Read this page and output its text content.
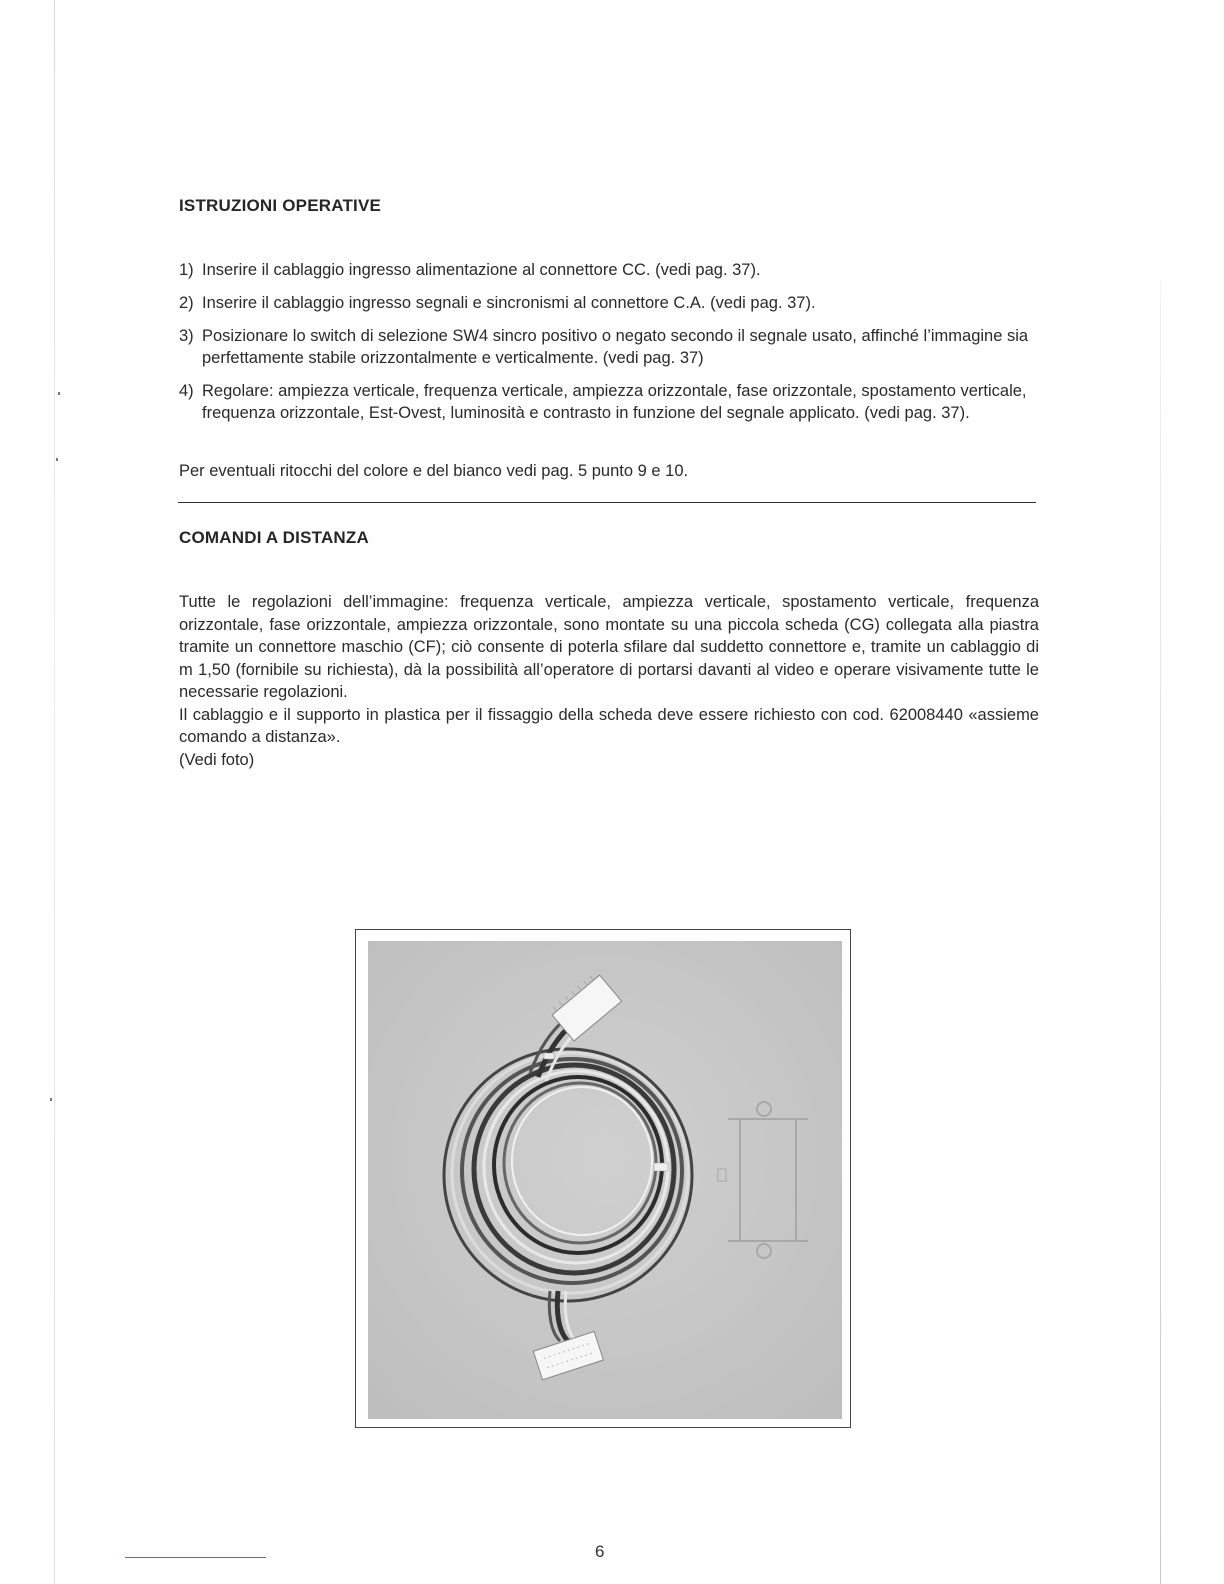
ISTRUZIONI OPERATIVE
1) Inserire il cablaggio ingresso alimentazione al connettore CC. (vedi pag. 37).
2) Inserire il cablaggio ingresso segnali e sincronismi al connettore C.A. (vedi pag. 37).
3) Posizionare lo switch di selezione SW4 sincro positivo o negato secondo il segnale usato, affinché l’immagine sia perfettamente stabile orizzontalmente e verticalmente. (vedi pag. 37)
4) Regolare: ampiezza verticale, frequenza verticale, ampiezza orizzontale, fase orizzontale, spostamento verticale, frequenza orizzontale, Est-Ovest, luminosità e contrasto in funzione del segnale applicato. (vedi pag. 37).

Per eventuali ritocchi del colore e del bianco vedi pag. 5 punto 9 e 10.

COMANDI A DISTANZA

Tutte le regolazioni dell’immagine: frequenza verticale, ampiezza verticale, spostamento verticale, frequenza orizzontale, fase orizzontale, ampiezza orizzontale, sono montate su una piccola scheda (CG) collegata alla piastra tramite un connettore maschio (CF); ciò consente di poterla sfilare dal suddetto connettore e, tramite un cablaggio di m 1,50 (fornibile su richiesta), dà la possibilità all’operatore di portarsi davanti al video e operare visivamente tutte le necessarie regolazioni.

Il cablaggio e il supporto in plastica per il fissaggio della scheda deve essere richiesto con cod. 62008440 «assieme comando a distanza».

(Vedi foto)

6
